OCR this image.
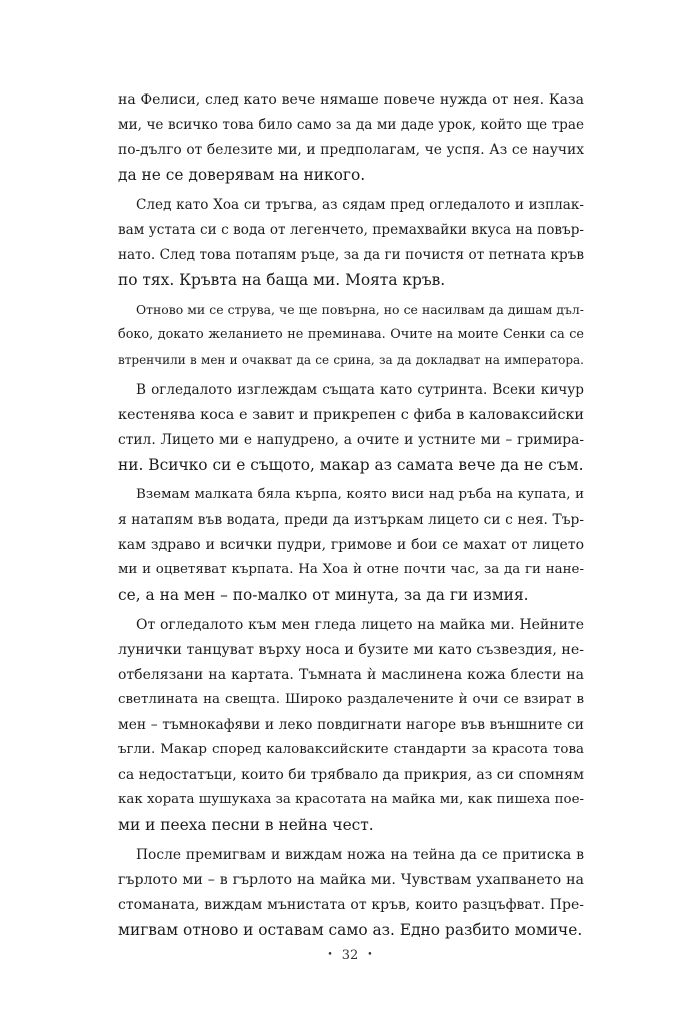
на Фелиси, след като вече нямаше повече нужда от нея. Каза
ми, че всичко това било само за да ми даде урок, който ще трае
по-дълго от белезите ми, и предполагам, че успя. Аз се научих
да не се доверявам на никого.
След като Хоа си тръгва, аз сядам пред огледалото и изплак-
вам устата си с вода от легенчето, премахвайки вкуса на повър-
нато. След това потапям ръце, за да ги почистя от петната кръв
по тях. Кръвта на баща ми. Моята кръв.
Отново ми се струва, че ще повърна, но се насилвам да дишам дъл-
боко, докато желанието не преминава. Очите на моите Сенки са се
втренчили в мен и очакват да се срина, за да докладват на императора.
В огледалото изглеждам същата като сутринта. Всеки кичур
кестенява коса е завит и прикрепен с фиба в каловаксийски
стил. Лицето ми е напудрено, а очите и устните ми – гримира-
ни. Всичко си е същото, макар аз самата вече да не съм.
Вземам малката бяла кърпа, която виси над ръба на купата, и
я натапям във водата, преди да изтъркам лицето си с нея. Тър-
кам здраво и всички пудри, гримове и бои се махат от лицето
ми и оцветяват кърпата. На Хоа ѝ отне почти час, за да ги нане-
се, а на мен – по-малко от минута, за да ги измия.
От огледалото към мен гледа лицето на майка ми. Нейните
лунички танцуват върху носа и бузите ми като съзвездия, не-
отбелязани на картата. Тъмната ѝ маслинена кожа блести на
светлината на свещта. Широко раздалечените ѝ очи се взират в
мен – тъмнокафяви и леко повдигнати нагоре във външните си
ъгли. Макар според каловаксийските стандарти за красота това
са недостатъци, които би трябвало да прикрия, аз си спомням
как хората шушукаха за красотата на майка ми, как пишеха пое-
ми и пееха песни в нейна чест.
После премигвам и виждам ножа на тейна да се притиска в
гърлото ми – в гърлото на майка ми. Чувствам ухапването на
стоманата, виждам мънистата от кръв, които разцъфват. Пре-
мигвам отново и оставам само аз. Едно разбито момиче.
• 32 •
